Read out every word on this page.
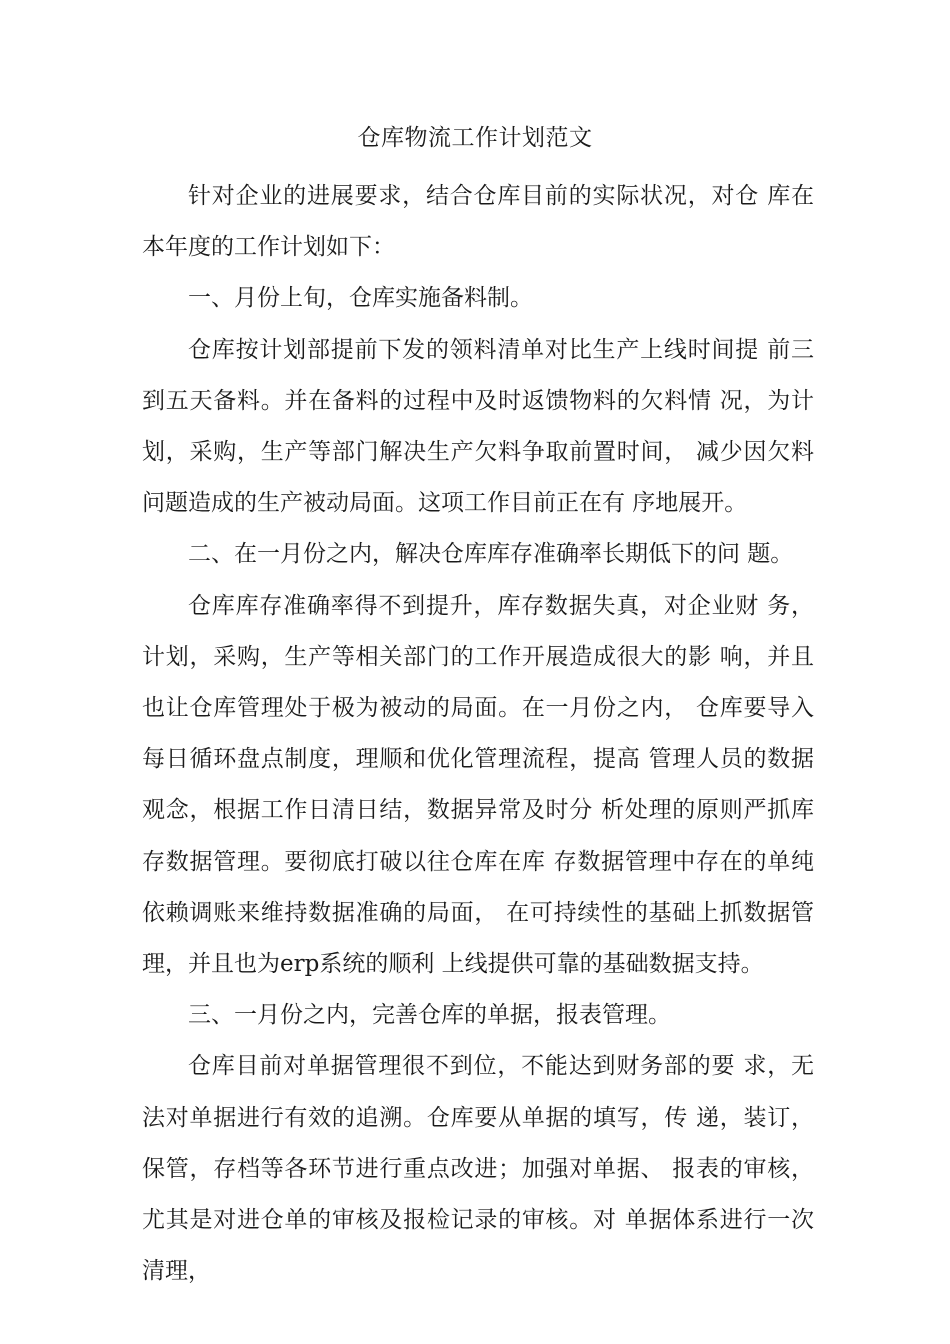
仓库物流工作计划范文

针对企业的进展要求，结合仓库目前的实际状况，对仓 库在本年度的工作计划如下：

一、月份上旬，仓库实施备料制。

仓库按计划部提前下发的领料清单对比生产上线时间提 前三到五天备料。并在备料的过程中及时返馈物料的欠料情 况，为计划，采购，生产等部门解决生产欠料争取前置时间， 减少因欠料问题造成的生产被动局面。这项工作目前正在有 序地展开。

二、在一月份之内，解决仓库库存准确率长期低下的问 题。

仓库库存准确率得不到提升，库存数据失真，对企业财 务，计划，采购，生产等相关部门的工作开展造成很大的影 响，并且也让仓库管理处于极为被动的局面。在一月份之内， 仓库要导入每日循环盘点制度，理顺和优化管理流程，提高 管理人员的数据观念，根据工作日清日结，数据异常及时分 析处理的原则严抓库存数据管理。要彻底打破以往仓库在库 存数据管理中存在的单纯依赖调账来维持数据准确的局面， 在可持续性的基础上抓数据管理，并且也为erp系统的顺利 上线提供可靠的基础数据支持。

三、一月份之内，完善仓库的单据，报表管理。

仓库目前对单据管理很不到位，不能达到财务部的要 求，无法对单据进行有效的追溯。仓库要从单据的填写，传 递，装订，保管，存档等各环节进行重点改进；加强对单据、 报表的审核，尤其是对进仓单的审核及报检记录的审核。对 单据体系进行一次清理，
